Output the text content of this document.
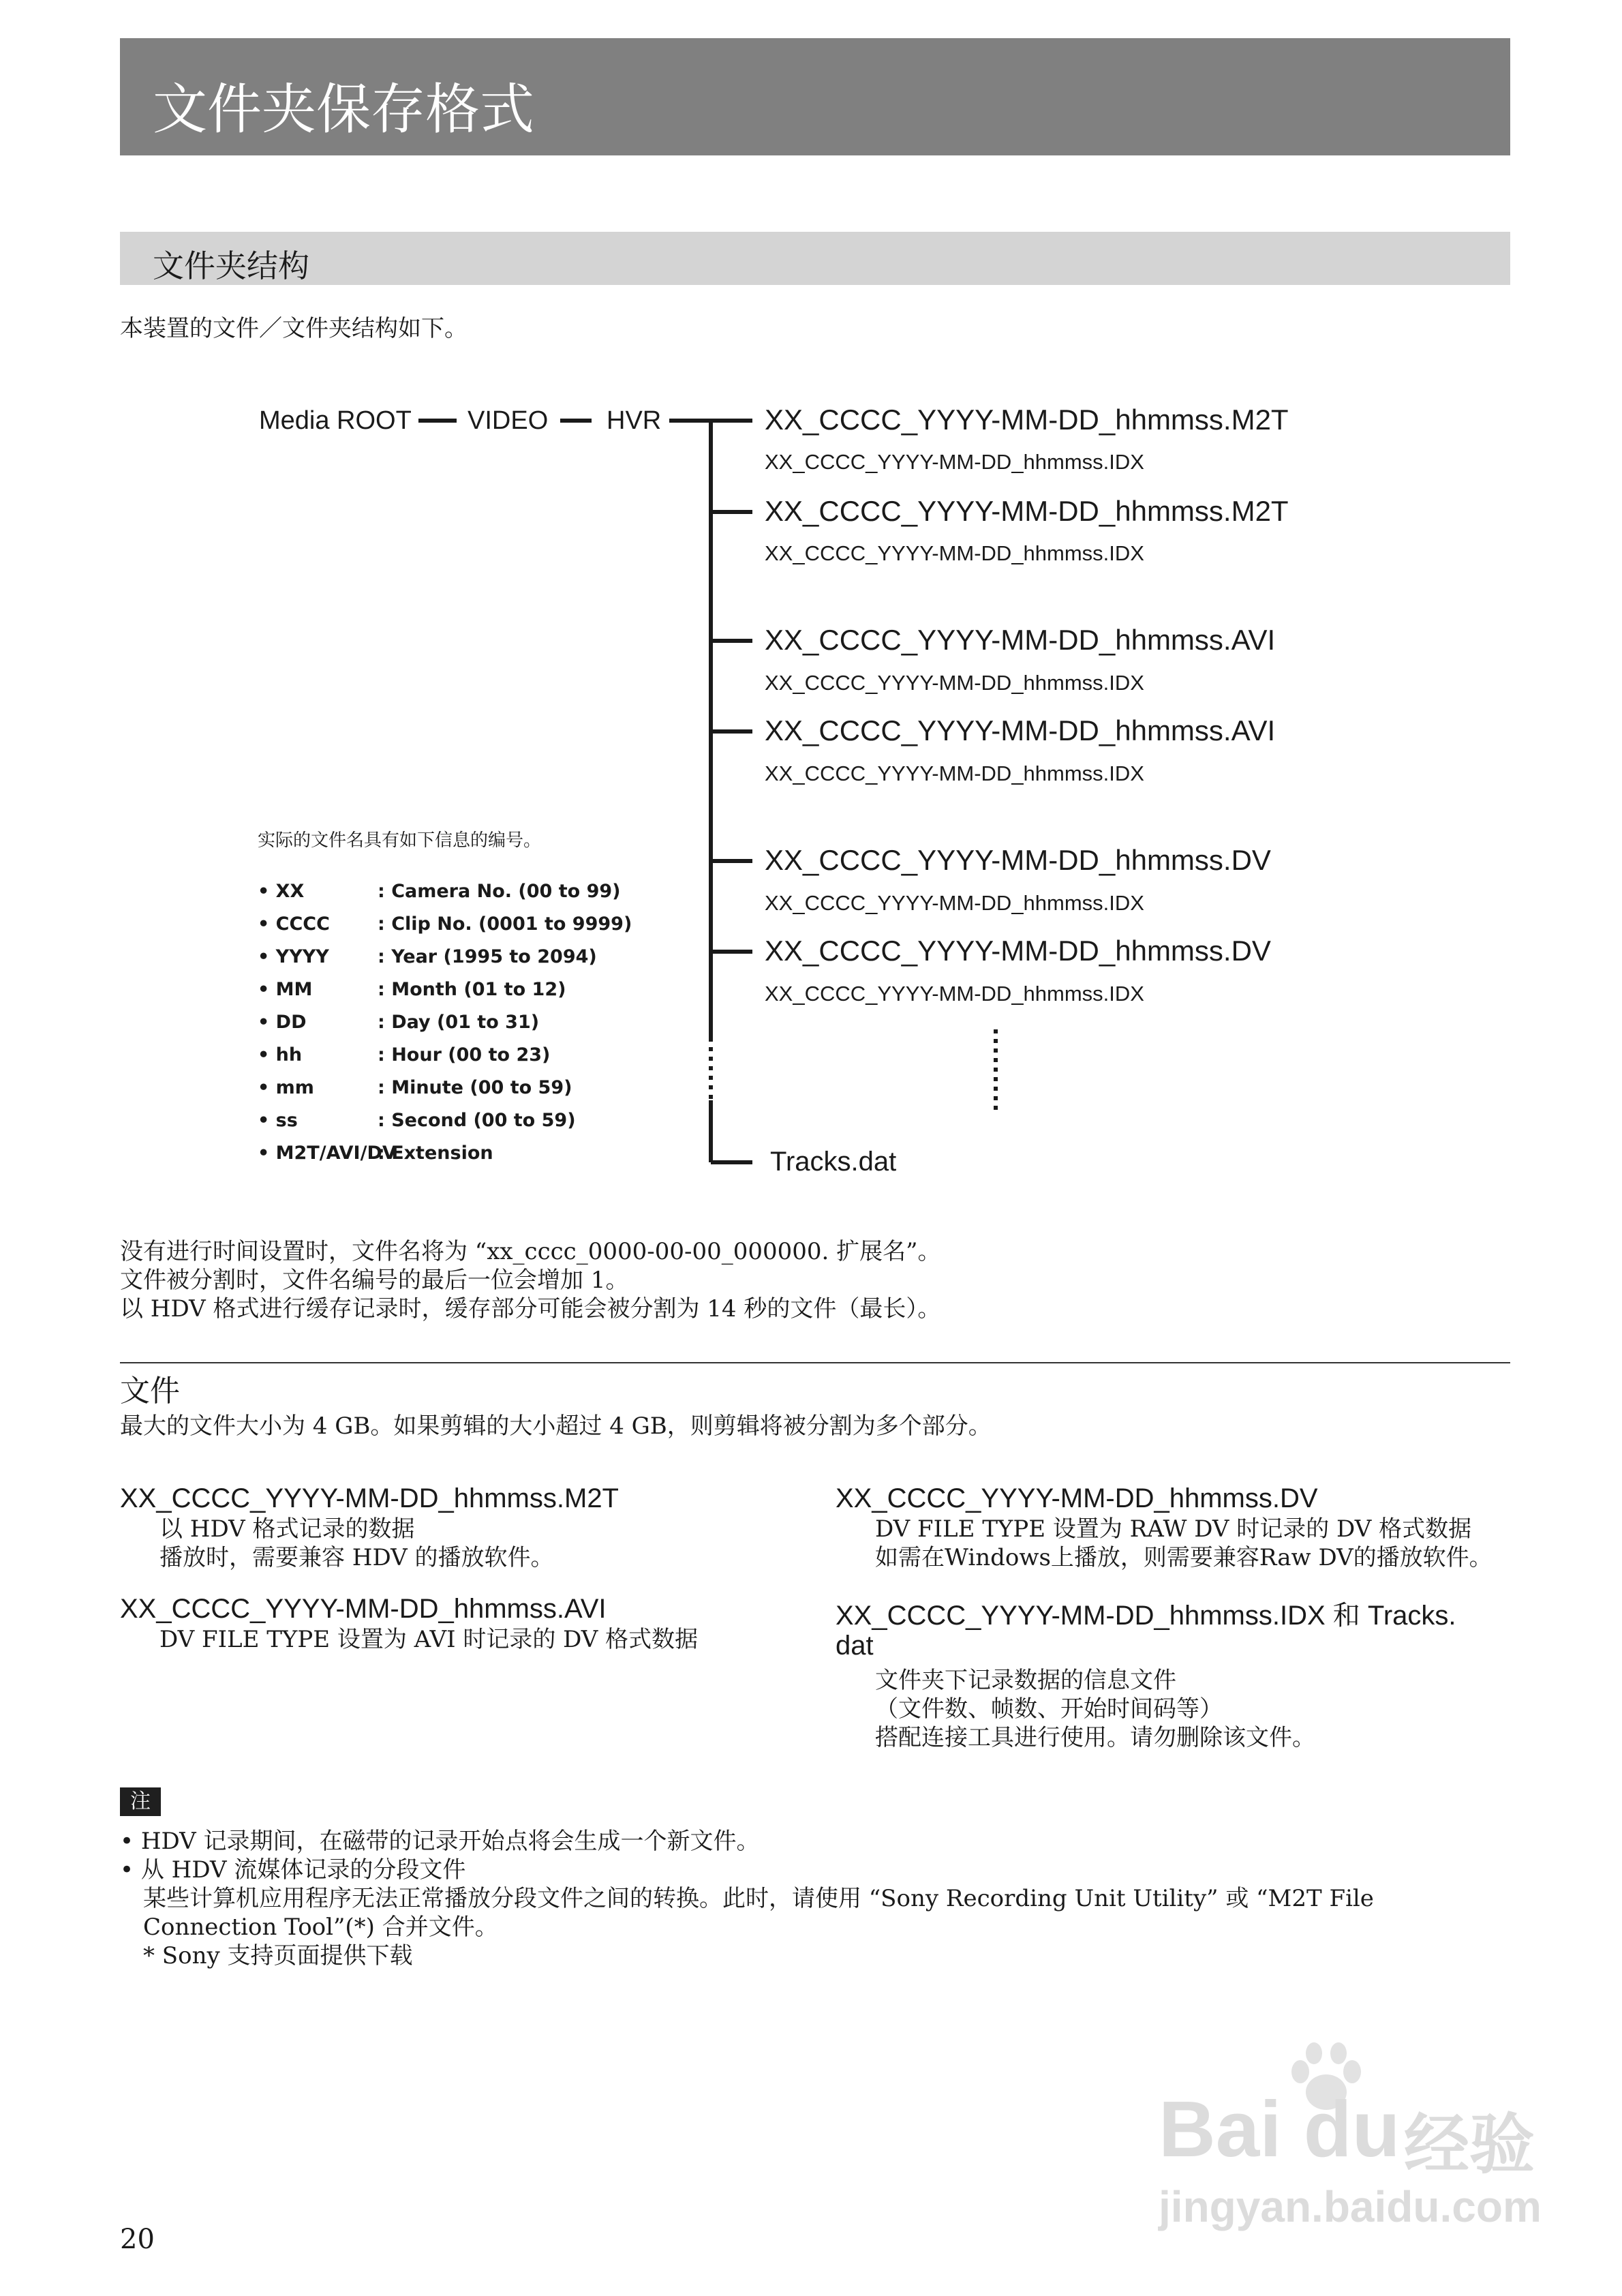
文件夹保存格式
文件夹结构
本装置的文件／文件夹结构如下。
Media ROOT VIDEO HVR	XX_CCCC_YYYY-MM-DD_hhmmss.M2T
XX_CCCC_YYYY-MM-DD_hhmmss.IDX
XX_CCCC_YYYY-MM-DD_hhmmss.M2T
XX_CCCC_YYYY-MM-DD_hhmmss.IDX
XX_CCCC_YYYY-MM-DD_hhmmss.AVI
XX_CCCC_YYYY-MM-DD_hhmmss.IDX
XX_CCCC_YYYY-MM-DD_hhmmss.AVI
XX_CCCC_YYYY-MM-DD_hhmmss.IDX
XX_CCCC_YYYY-MM-DD_hhmmss.DV
XX_CCCC_YYYY-MM-DD_hhmmss.IDX
XX_CCCC_YYYY-MM-DD_hhmmss.DV
XX_CCCC_YYYY-MM-DD_hhmmss.IDX
Tracks.dat
实际的文件名具有如下信息的编号。
• XX	: Camera No. (00 to 99)
• CCCC	: Clip No. (0001 to 9999)
• YYYY	: Year (1995 to 2094)
• MM	: Month (01 to 12)
• DD	: Day (01 to 31)
• hh	: Hour (00 to 23)
• mm	: Minute (00 to 59)
• ss	: Second (00 to 59)
• M2T/AVI/DV: Extension
没有进行时间设置时，文件名将为 “xx_cccc_0000-00-00_000000. 扩展名”。
文件被分割时，文件名编号的最后一位会增加 1。
以 HDV 格式进行缓存记录时，缓存部分可能会被分割为 14 秒的文件（最长）。
文件
最大的文件大小为 4 GB。如果剪辑的大小超过 4 GB，则剪辑将被分割为多个部分。
XX_CCCC_YYYY-MM-DD_hhmmss.M2T
以 HDV 格式记录的数据
播放时，需要兼容 HDV 的播放软件。
XX_CCCC_YYYY-MM-DD_hhmmss.AVI
DV FILE TYPE 设置为 AVI 时记录的 DV 格式数据
XX_CCCC_YYYY-MM-DD_hhmmss.DV
DV FILE TYPE 设置为 RAW DV 时记录的 DV 格式数据
如需在Windows上播放，则需要兼容Raw DV的播放软件。
XX_CCCC_YYYY-MM-DD_hhmmss.IDX 和 Tracks.
dat
文件夹下记录数据的信息文件
（文件数、帧数、开始时间码等）
搭配连接工具进行使用。请勿删除该文件。
注
• HDV 记录期间，在磁带的记录开始点将会生成一个新文件。
• 从 HDV 流媒体记录的分段文件
某些计算机应用程序无法正常播放分段文件之间的转换。此时，请使用 “Sony Recording Unit Utility” 或 “M2T File
Connection Tool”(*) 合并文件。
* Sony 支持页面提供下载
20
Bai du 经验
jingyan.baidu.com
